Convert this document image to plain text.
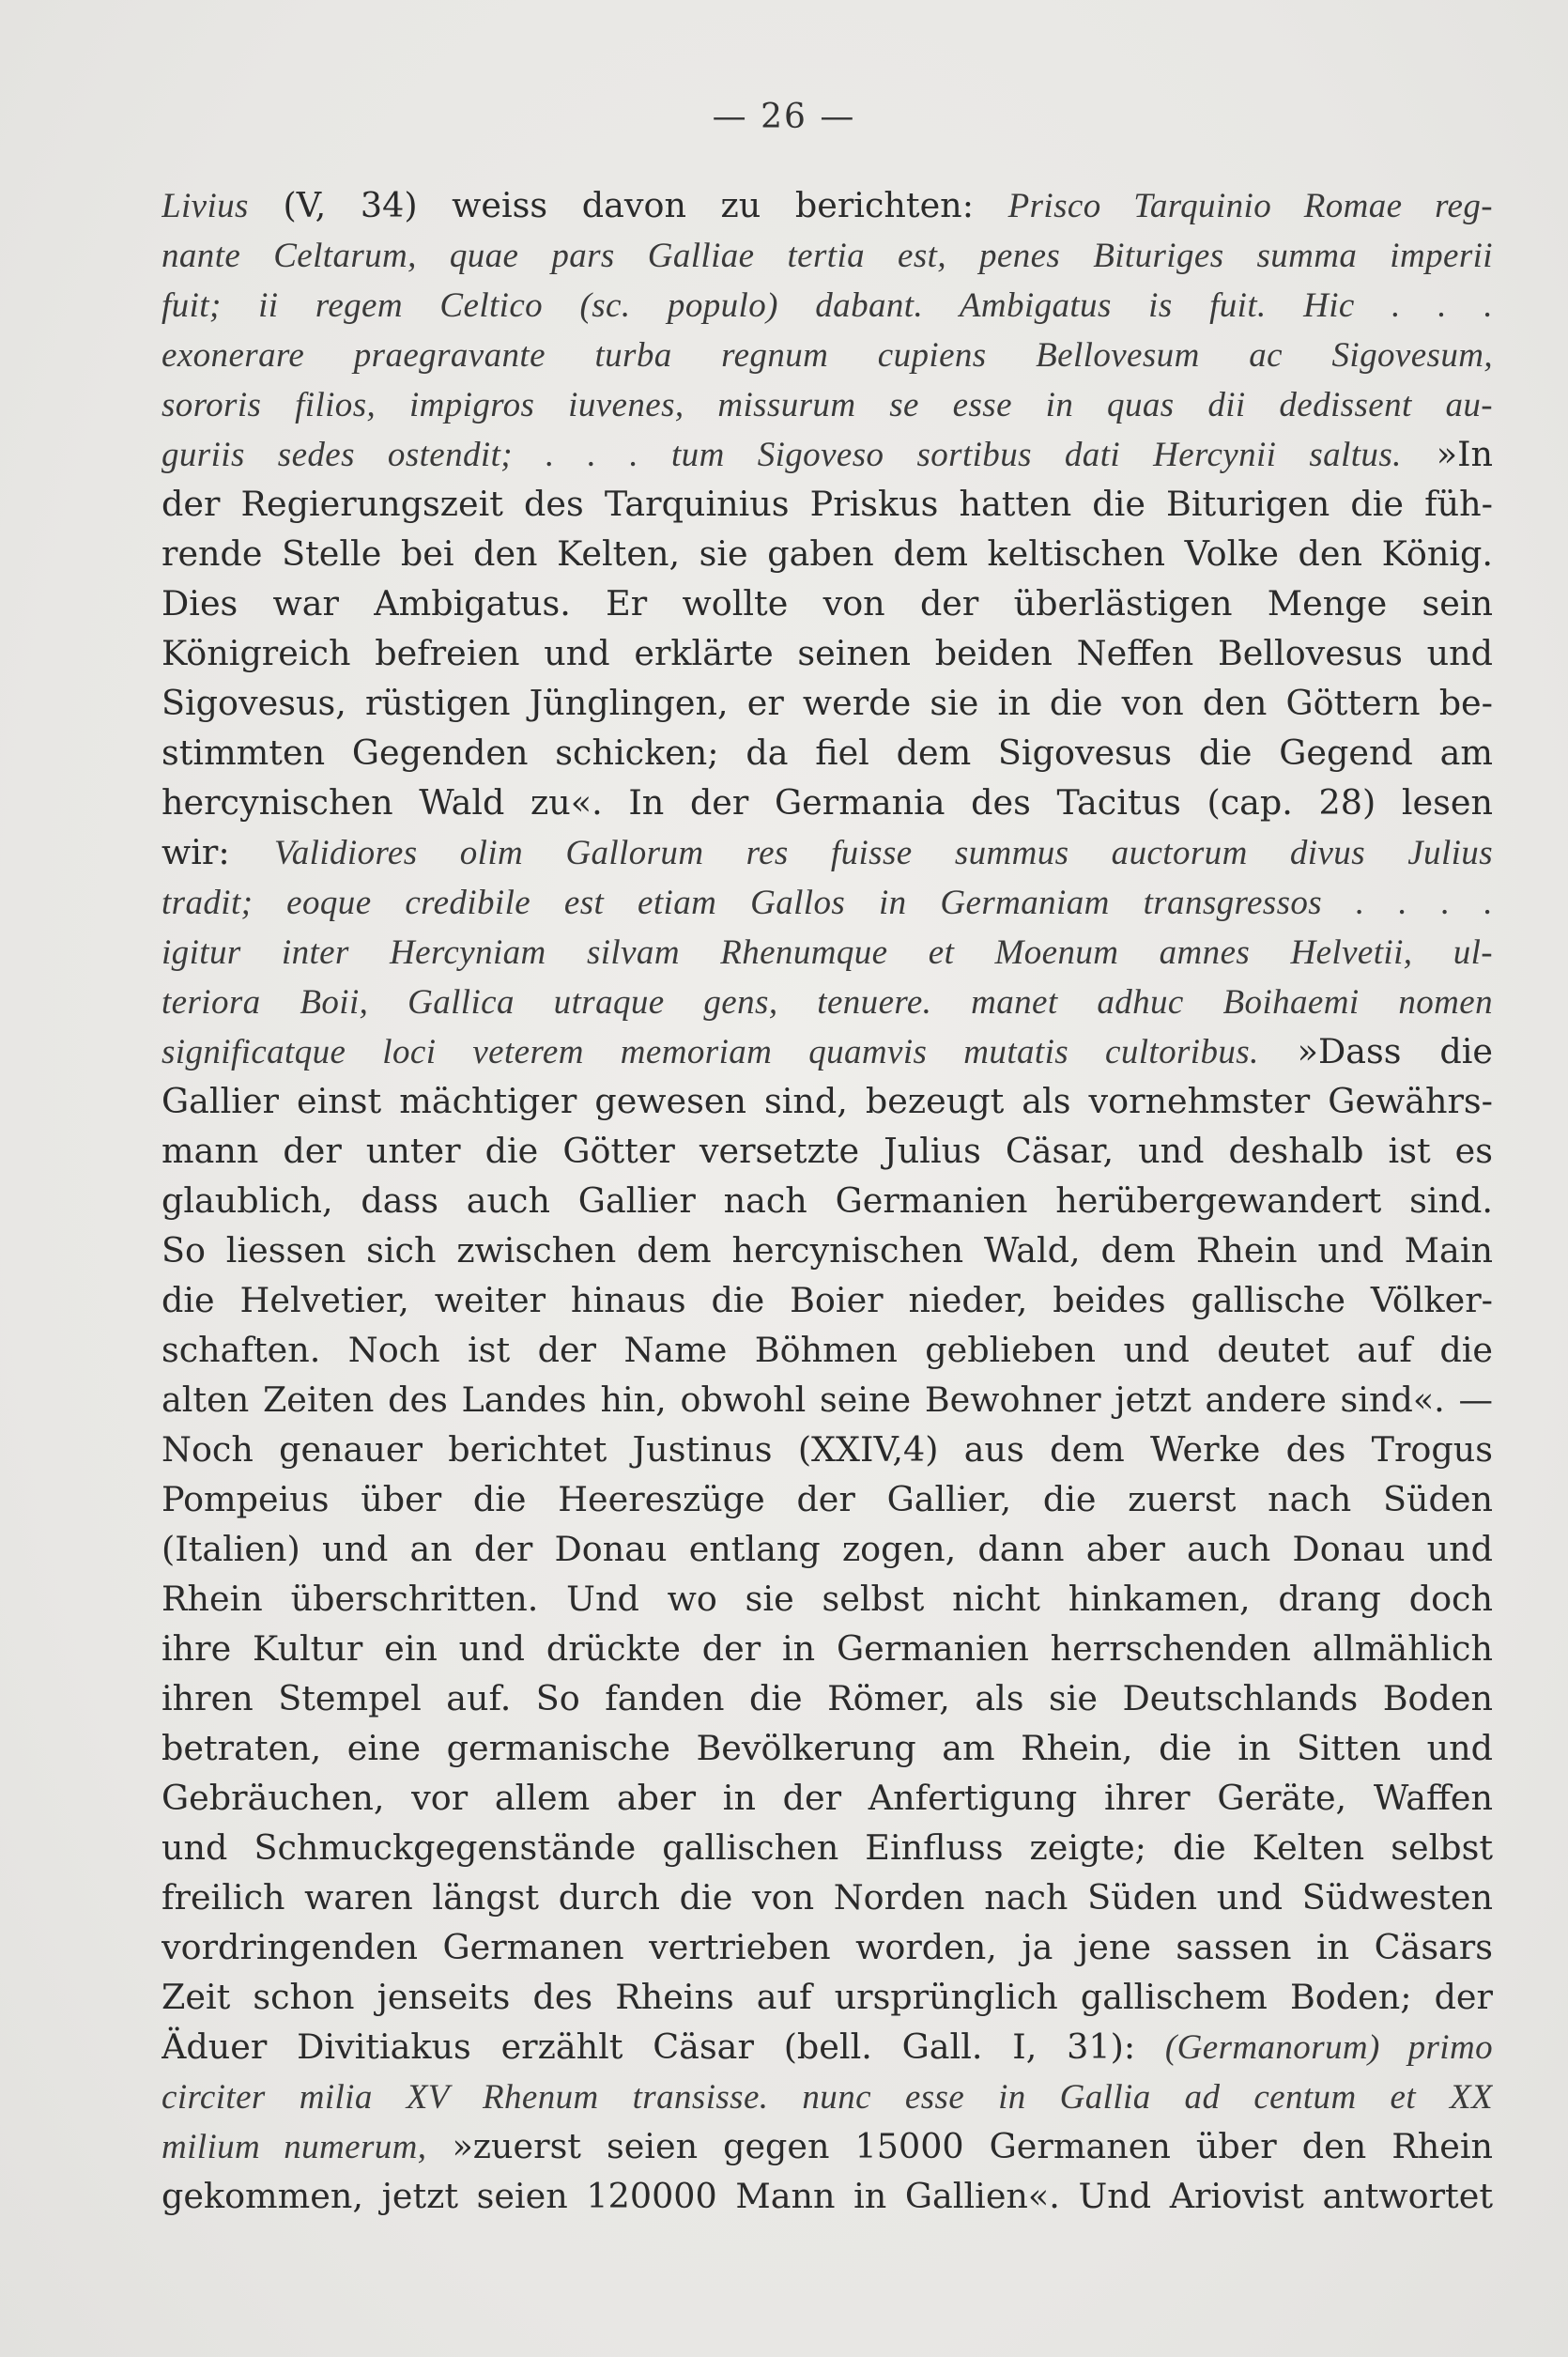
— 26 —
Livius (V, 34) weiss davon zu berichten: Prisco Tarquinio Romae reg-
nante Celtarum, quae pars Galliae tertia est, penes Bituriges summa imperii
fuit; ii regem Celtico (sc. populo) dabant. Ambigatus is fuit. Hic . . .
exonerare praegravante turba regnum cupiens Bellovesum ac Sigovesum,
sororis filios, impigros iuvenes, missurum se esse in quas dii dedissent au-
guriis sedes ostendit; . . . tum Sigoveso sortibus dati Hercynii saltus. »In
der Regierungszeit des Tarquinius Priskus hatten die Biturigen die füh-
rende Stelle bei den Kelten, sie gaben dem keltischen Volke den König.
Dies war Ambigatus. Er wollte von der überlästigen Menge sein
Königreich befreien und erklärte seinen beiden Neffen Bellovesus und
Sigovesus, rüstigen Jünglingen, er werde sie in die von den Göttern be-
stimmten Gegenden schicken; da fiel dem Sigovesus die Gegend am
hercynischen Wald zu«. In der Germania des Tacitus (cap. 28) lesen
wir: Validiores olim Gallorum res fuisse summus auctorum divus Julius
tradit; eoque credibile est etiam Gallos in Germaniam transgressos . . . .
igitur inter Hercyniam silvam Rhenumque et Moenum amnes Helvetii, ul-
teriora Boii, Gallica utraque gens, tenuere. manet adhuc Boihaemi nomen
significatque loci veterem memoriam quamvis mutatis cultoribus. »Dass die
Gallier einst mächtiger gewesen sind, bezeugt als vornehmster Gewährs-
mann der unter die Götter versetzte Julius Cäsar, und deshalb ist es
glaublich, dass auch Gallier nach Germanien herübergewandert sind.
So liessen sich zwischen dem hercynischen Wald, dem Rhein und Main
die Helvetier, weiter hinaus die Boier nieder, beides gallische Völker-
schaften. Noch ist der Name Böhmen geblieben und deutet auf die
alten Zeiten des Landes hin, obwohl seine Bewohner jetzt andere sind«. —
Noch genauer berichtet Justinus (XXIV,4) aus dem Werke des Trogus
Pompeius über die Heereszüge der Gallier, die zuerst nach Süden
(Italien) und an der Donau entlang zogen, dann aber auch Donau und
Rhein überschritten. Und wo sie selbst nicht hinkamen, drang doch
ihre Kultur ein und drückte der in Germanien herrschenden allmählich
ihren Stempel auf. So fanden die Römer, als sie Deutschlands Boden
betraten, eine germanische Bevölkerung am Rhein, die in Sitten und
Gebräuchen, vor allem aber in der Anfertigung ihrer Geräte, Waffen
und Schmuckgegenstände gallischen Einfluss zeigte; die Kelten selbst
freilich waren längst durch die von Norden nach Süden und Südwesten
vordringenden Germanen vertrieben worden, ja jene sassen in Cäsars
Zeit schon jenseits des Rheins auf ursprünglich gallischem Boden; der
Äduer Divitiakus erzählt Cäsar (bell. Gall. I, 31): (Germanorum) primo
circiter milia XV Rhenum transisse. nunc esse in Gallia ad centum et XX
milium numerum, »zuerst seien gegen 15000 Germanen über den Rhein
gekommen, jetzt seien 120000 Mann in Gallien«. Und Ariovist antwortet
